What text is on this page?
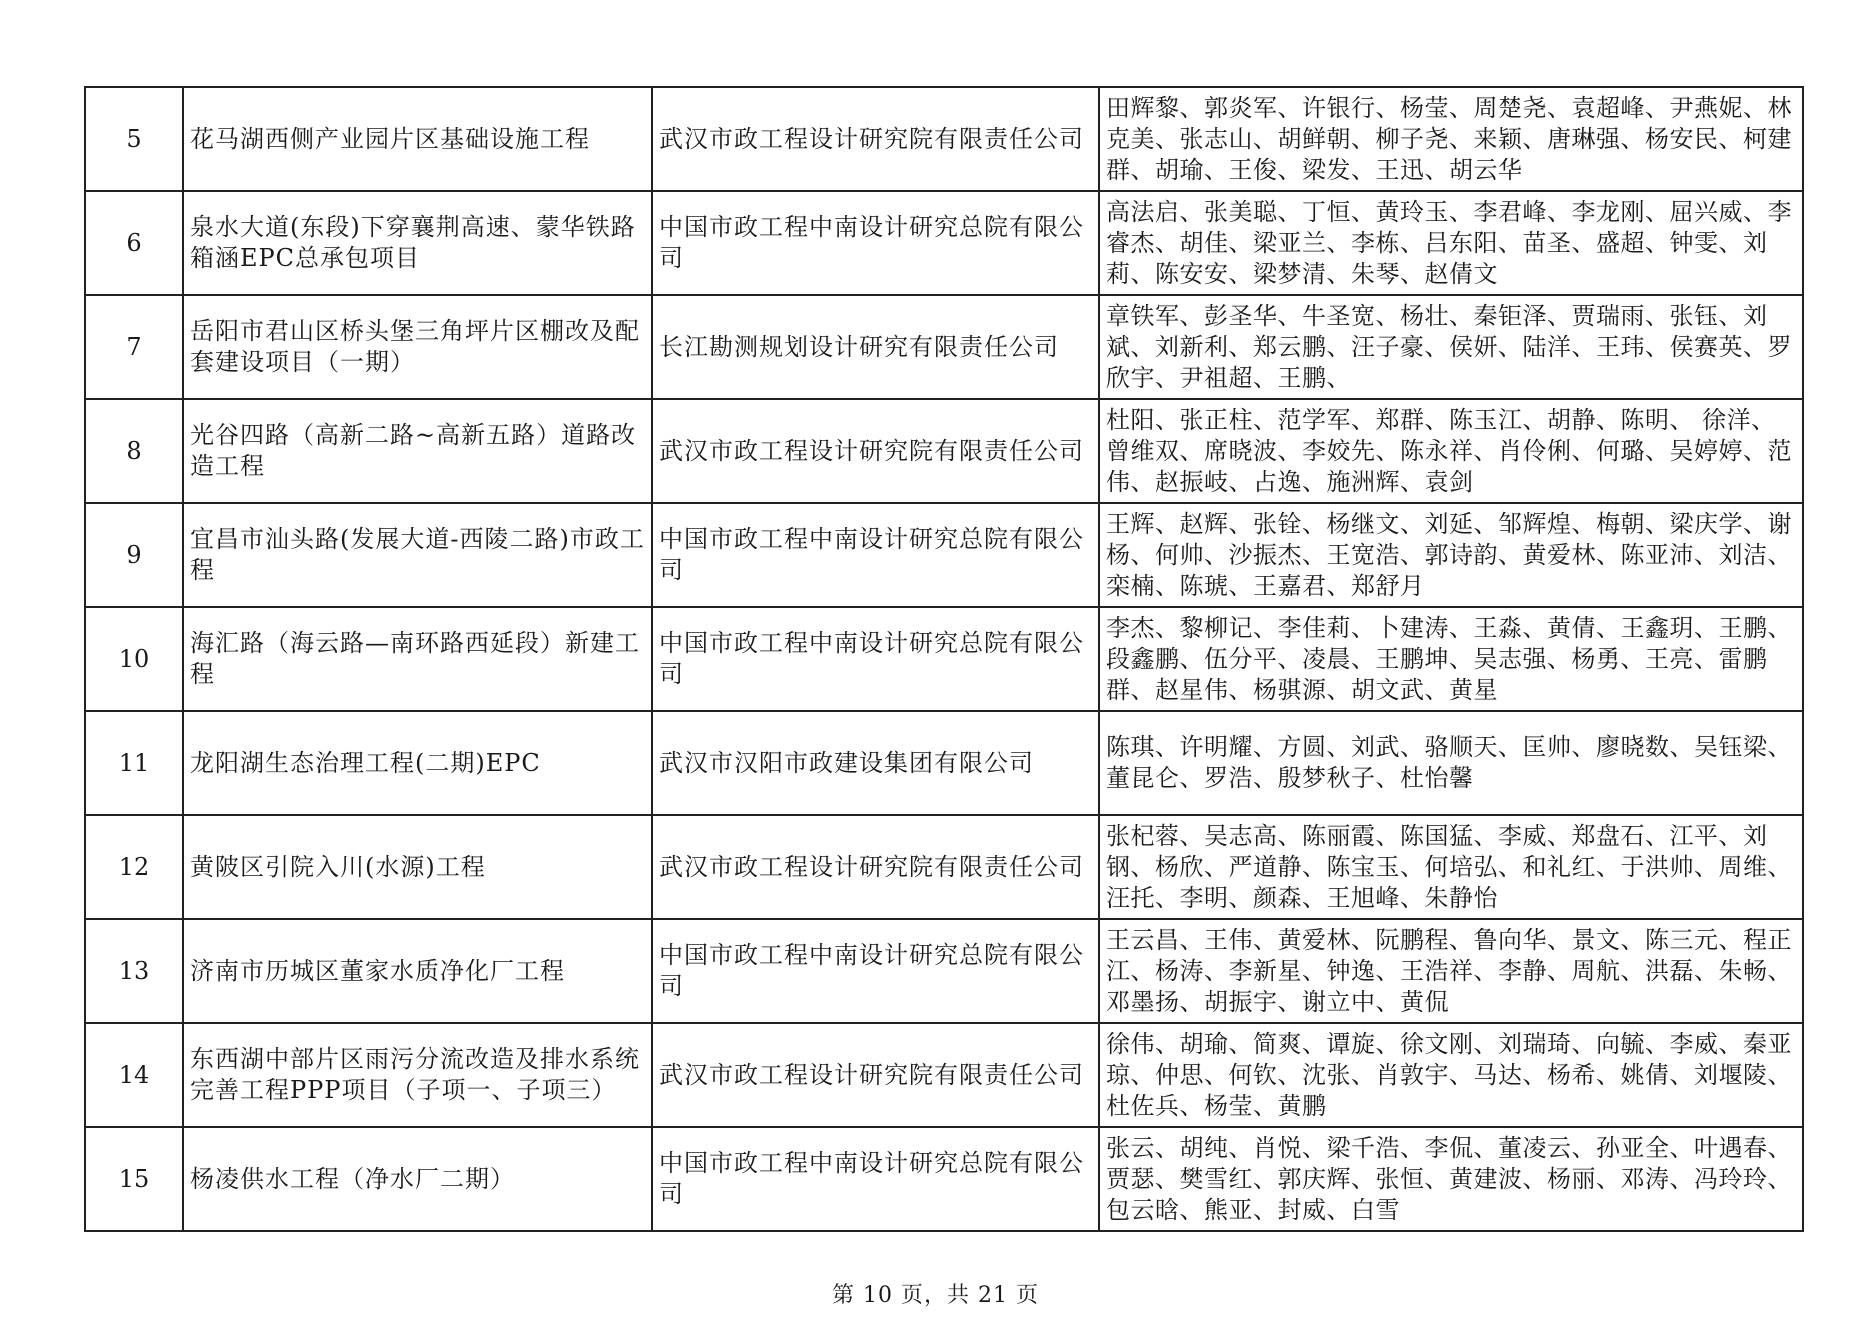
5	花马湖西侧产业园片区基础设施工程	武汉市政工程设计研究院有限责任公司	田辉黎、郭炎军、许银行、杨莹、周楚尧、袁超峰、尹燕妮、林克美、张志山、胡鲜朝、柳子尧、来颖、唐琳强、杨安民、柯建群、胡瑜、王俊、梁发、王迅、胡云华

6	泉水大道(东段)下穿襄荆高速、蒙华铁路箱涵EPC总承包项目	中国市政工程中南设计研究总院有限公司	高法启、张美聪、丁恒、黄玲玉、李君峰、李龙刚、屈兴威、李睿杰、胡佳、梁亚兰、李栋、吕东阳、苗圣、盛超、钟雯、刘莉、陈安安、梁梦清、朱琴、赵倩文

7	岳阳市君山区桥头堡三角坪片区棚改及配套建设项目（一期）	长江勘测规划设计研究有限责任公司	章铁军、彭圣华、牛圣宽、杨壮、秦钜泽、贾瑞雨、张钰、刘斌、刘新利、郑云鹏、汪子豪、侯妍、陆洋、王玮、侯赛英、罗欣宇、尹祖超、王鹏、

8	光谷四路（高新二路~高新五路）道路改造工程	武汉市政工程设计研究院有限责任公司	杜阳、张正柱、范学军、郑群、陈玉江、胡静、陈明、 徐洋、曾维双、席晓波、李姣先、陈永祥、肖伶俐、何璐、吴婷婷、范伟、赵振岐、占逸、施洲辉、袁剑

9	宜昌市汕头路(发展大道-西陵二路)市政工程	中国市政工程中南设计研究总院有限公司	王辉、赵辉、张铨、杨继文、刘延、邹辉煌、梅朝、梁庆学、谢杨、何帅、沙振杰、王宽浩、郭诗韵、黄爱林、陈亚沛、刘洁、栾楠、陈琥、王嘉君、郑舒月

10	海汇路（海云路—南环路西延段）新建工程	中国市政工程中南设计研究总院有限公司	李杰、黎柳记、李佳莉、卜建涛、王淼、黄倩、王鑫玥、王鹏、段鑫鹏、伍分平、凌晨、王鹏坤、吴志强、杨勇、王亮、雷鹏群、赵星伟、杨骐源、胡文武、黄星

11	龙阳湖生态治理工程(二期)EPC	武汉市汉阳市政建设集团有限公司	陈琪、许明耀、方圆、刘武、骆顺天、匡帅、廖晓数、吴钰梁、董昆仑、罗浩、殷梦秋子、杜怡馨

12	黄陂区引院入川(水源)工程	武汉市政工程设计研究院有限责任公司	张杞蓉、吴志高、陈丽霞、陈国猛、李威、郑盘石、江平、刘钢、杨欣、严道静、陈宝玉、何培弘、和礼红、于洪帅、周维、汪托、李明、颜森、王旭峰、朱静怡

13	济南市历城区董家水质净化厂工程	中国市政工程中南设计研究总院有限公司	王云昌、王伟、黄爱林、阮鹏程、鲁向华、景文、陈三元、程正江、杨涛、李新星、钟逸、王浩祥、李静、周航、洪磊、朱畅、邓墨扬、胡振宇、谢立中、黄侃

14	东西湖中部片区雨污分流改造及排水系统完善工程PPP项目（子项一、子项三）	武汉市政工程设计研究院有限责任公司	徐伟、胡瑜、简爽、谭旋、徐文刚、刘瑞琦、向毓、李威、秦亚琼、仲思、何钦、沈张、肖敦宇、马达、杨希、姚倩、刘堰陵、杜佐兵、杨莹、黄鹏

15	杨凌供水工程（净水厂二期）	中国市政工程中南设计研究总院有限公司	张云、胡纯、肖悦、梁千浩、李侃、董凌云、孙亚全、叶遇春、贾瑟、樊雪红、郭庆辉、张恒、黄建波、杨丽、邓涛、冯玲玲、包云晗、熊亚、封威、白雪
第 10 页，共 21 页
